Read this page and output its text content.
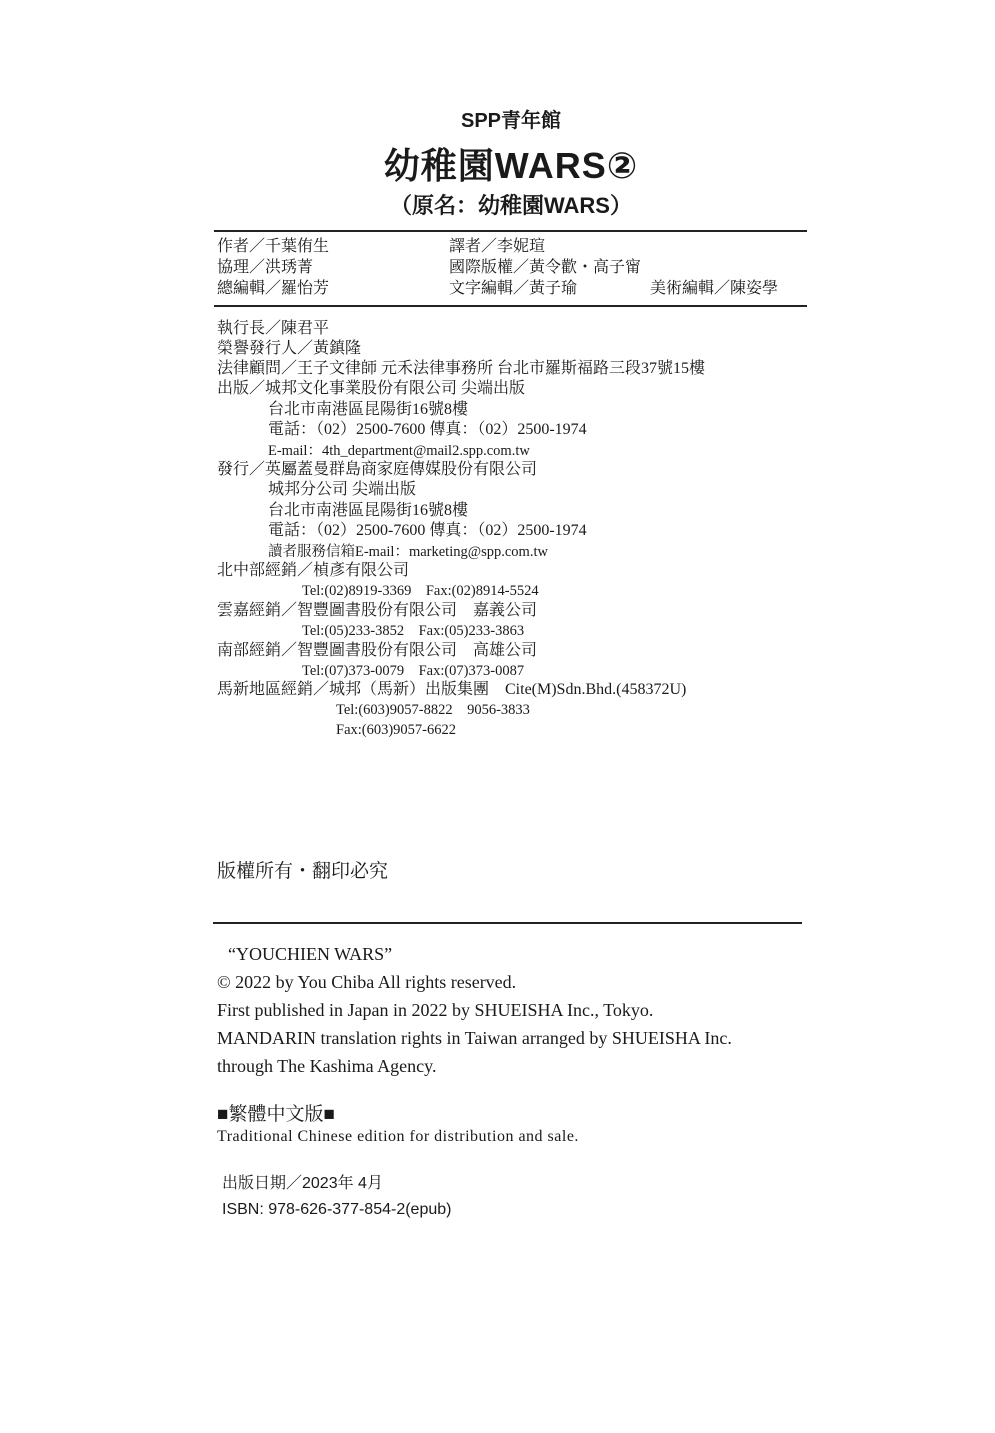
SPP青年館
幼稚園WARS②
（原名：幼稚園WARS）
作者／千葉侑生	譯者／李妮瑄
協理／洪琇菁	國際版權／黃令歡・高子甯
總編輯／羅怡芳	文字編輯／黃子瑜	美術編輯／陳姿學
執行長／陳君平
榮譽發行人／黃鎮隆
法律顧問／王子文律師 元禾法律事務所 台北市羅斯福路三段37號15樓
出版／城邦文化事業股份有限公司 尖端出版
台北市南港區昆陽街16號8樓
電話：（02）2500-7600 傳真：（02）2500-1974
E-mail：4th_department@mail2.spp.com.tw
發行／英屬蓋曼群島商家庭傳媒股份有限公司
城邦分公司 尖端出版
台北市南港區昆陽街16號8樓
電話：（02）2500-7600 傳真：（02）2500-1974
讀者服務信箱E-mail：marketing@spp.com.tw
北中部經銷／楨彥有限公司
Tel:(02)8919-3369　Fax:(02)8914-5524
雲嘉經銷／智豐圖書股份有限公司　嘉義公司
Tel:(05)233-3852　Fax:(05)233-3863
南部經銷／智豐圖書股份有限公司　高雄公司
Tel:(07)373-0079　Fax:(07)373-0087
馬新地區經銷／城邦（馬新）出版集團　Cite(M)Sdn.Bhd.(458372U)
Tel:(603)9057-8822　9056-3833
Fax:(603)9057-6622
版權所有・翻印必究
“YOUCHIEN WARS”
© 2022 by You Chiba All rights reserved.
First published in Japan in 2022 by SHUEISHA Inc., Tokyo.
MANDARIN translation rights in Taiwan arranged by SHUEISHA Inc.
through The Kashima Agency.
■繁體中文版■
Traditional Chinese edition for distribution and sale.
出版日期／2023年 4月
ISBN: 978-626-377-854-2(epub)
